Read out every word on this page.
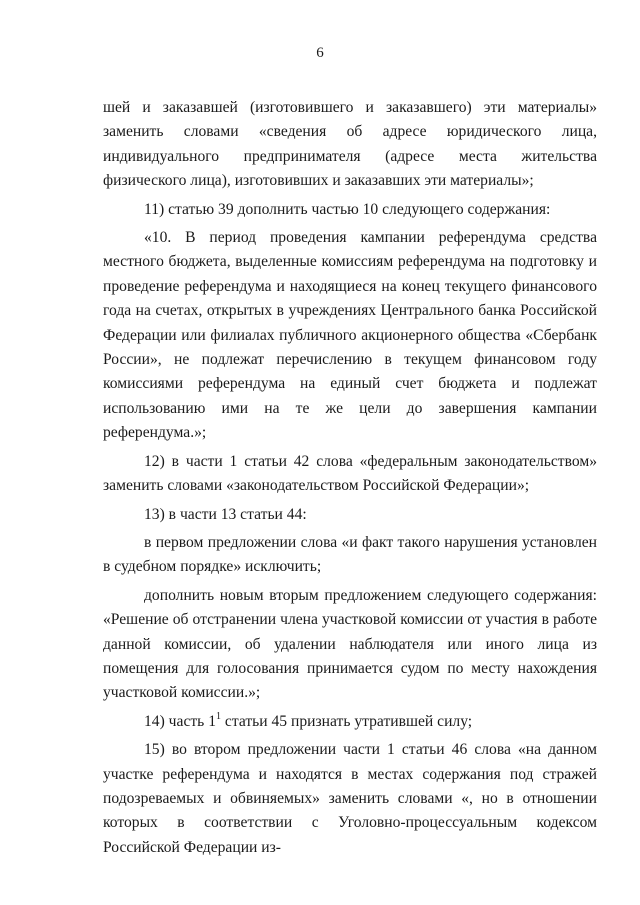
6

шей и заказавшей (изготовившего и заказавшего) эти материалы» заменить словами «сведения об адресе юридического лица, индивидуального предпринимателя (адресе места жительства физического лица), изготовивших и заказавших эти материалы»;

11) статью 39 дополнить частью 10 следующего содержания:

«10. В период проведения кампании референдума средства местного бюджета, выделенные комиссиям референдума на подготовку и проведение референдума и находящиеся на конец текущего финансового года на счетах, открытых в учреждениях Центрального банка Российской Федерации или филиалах публичного акционерного общества «Сбербанк России», не подлежат перечислению в текущем финансовом году комиссиями референдума на единый счет бюджета и подлежат использованию ими на те же цели до завершения кампании референдума.»;

12) в части 1 статьи 42 слова «федеральным законодательством» заменить словами «законодательством Российской Федерации»;

13) в части 13 статьи 44:

в первом предложении слова «и факт такого нарушения установлен в судебном порядке» исключить;

дополнить новым вторым предложением следующего содержания: «Решение об отстранении члена участковой комиссии от участия в работе данной комиссии, об удалении наблюдателя или иного лица из помещения для голосования принимается судом по месту нахождения участковой комиссии.»;

14) часть $1^1$ статьи 45 признать утратившей силу;

15) во втором предложении части 1 статьи 46 слова «на данном участке референдума и находятся в местах содержания под стражей подозреваемых и обвиняемых» заменить словами «, но в отношении которых в соответствии с Уголовно-процессуальным кодексом Российской Федерации из-
